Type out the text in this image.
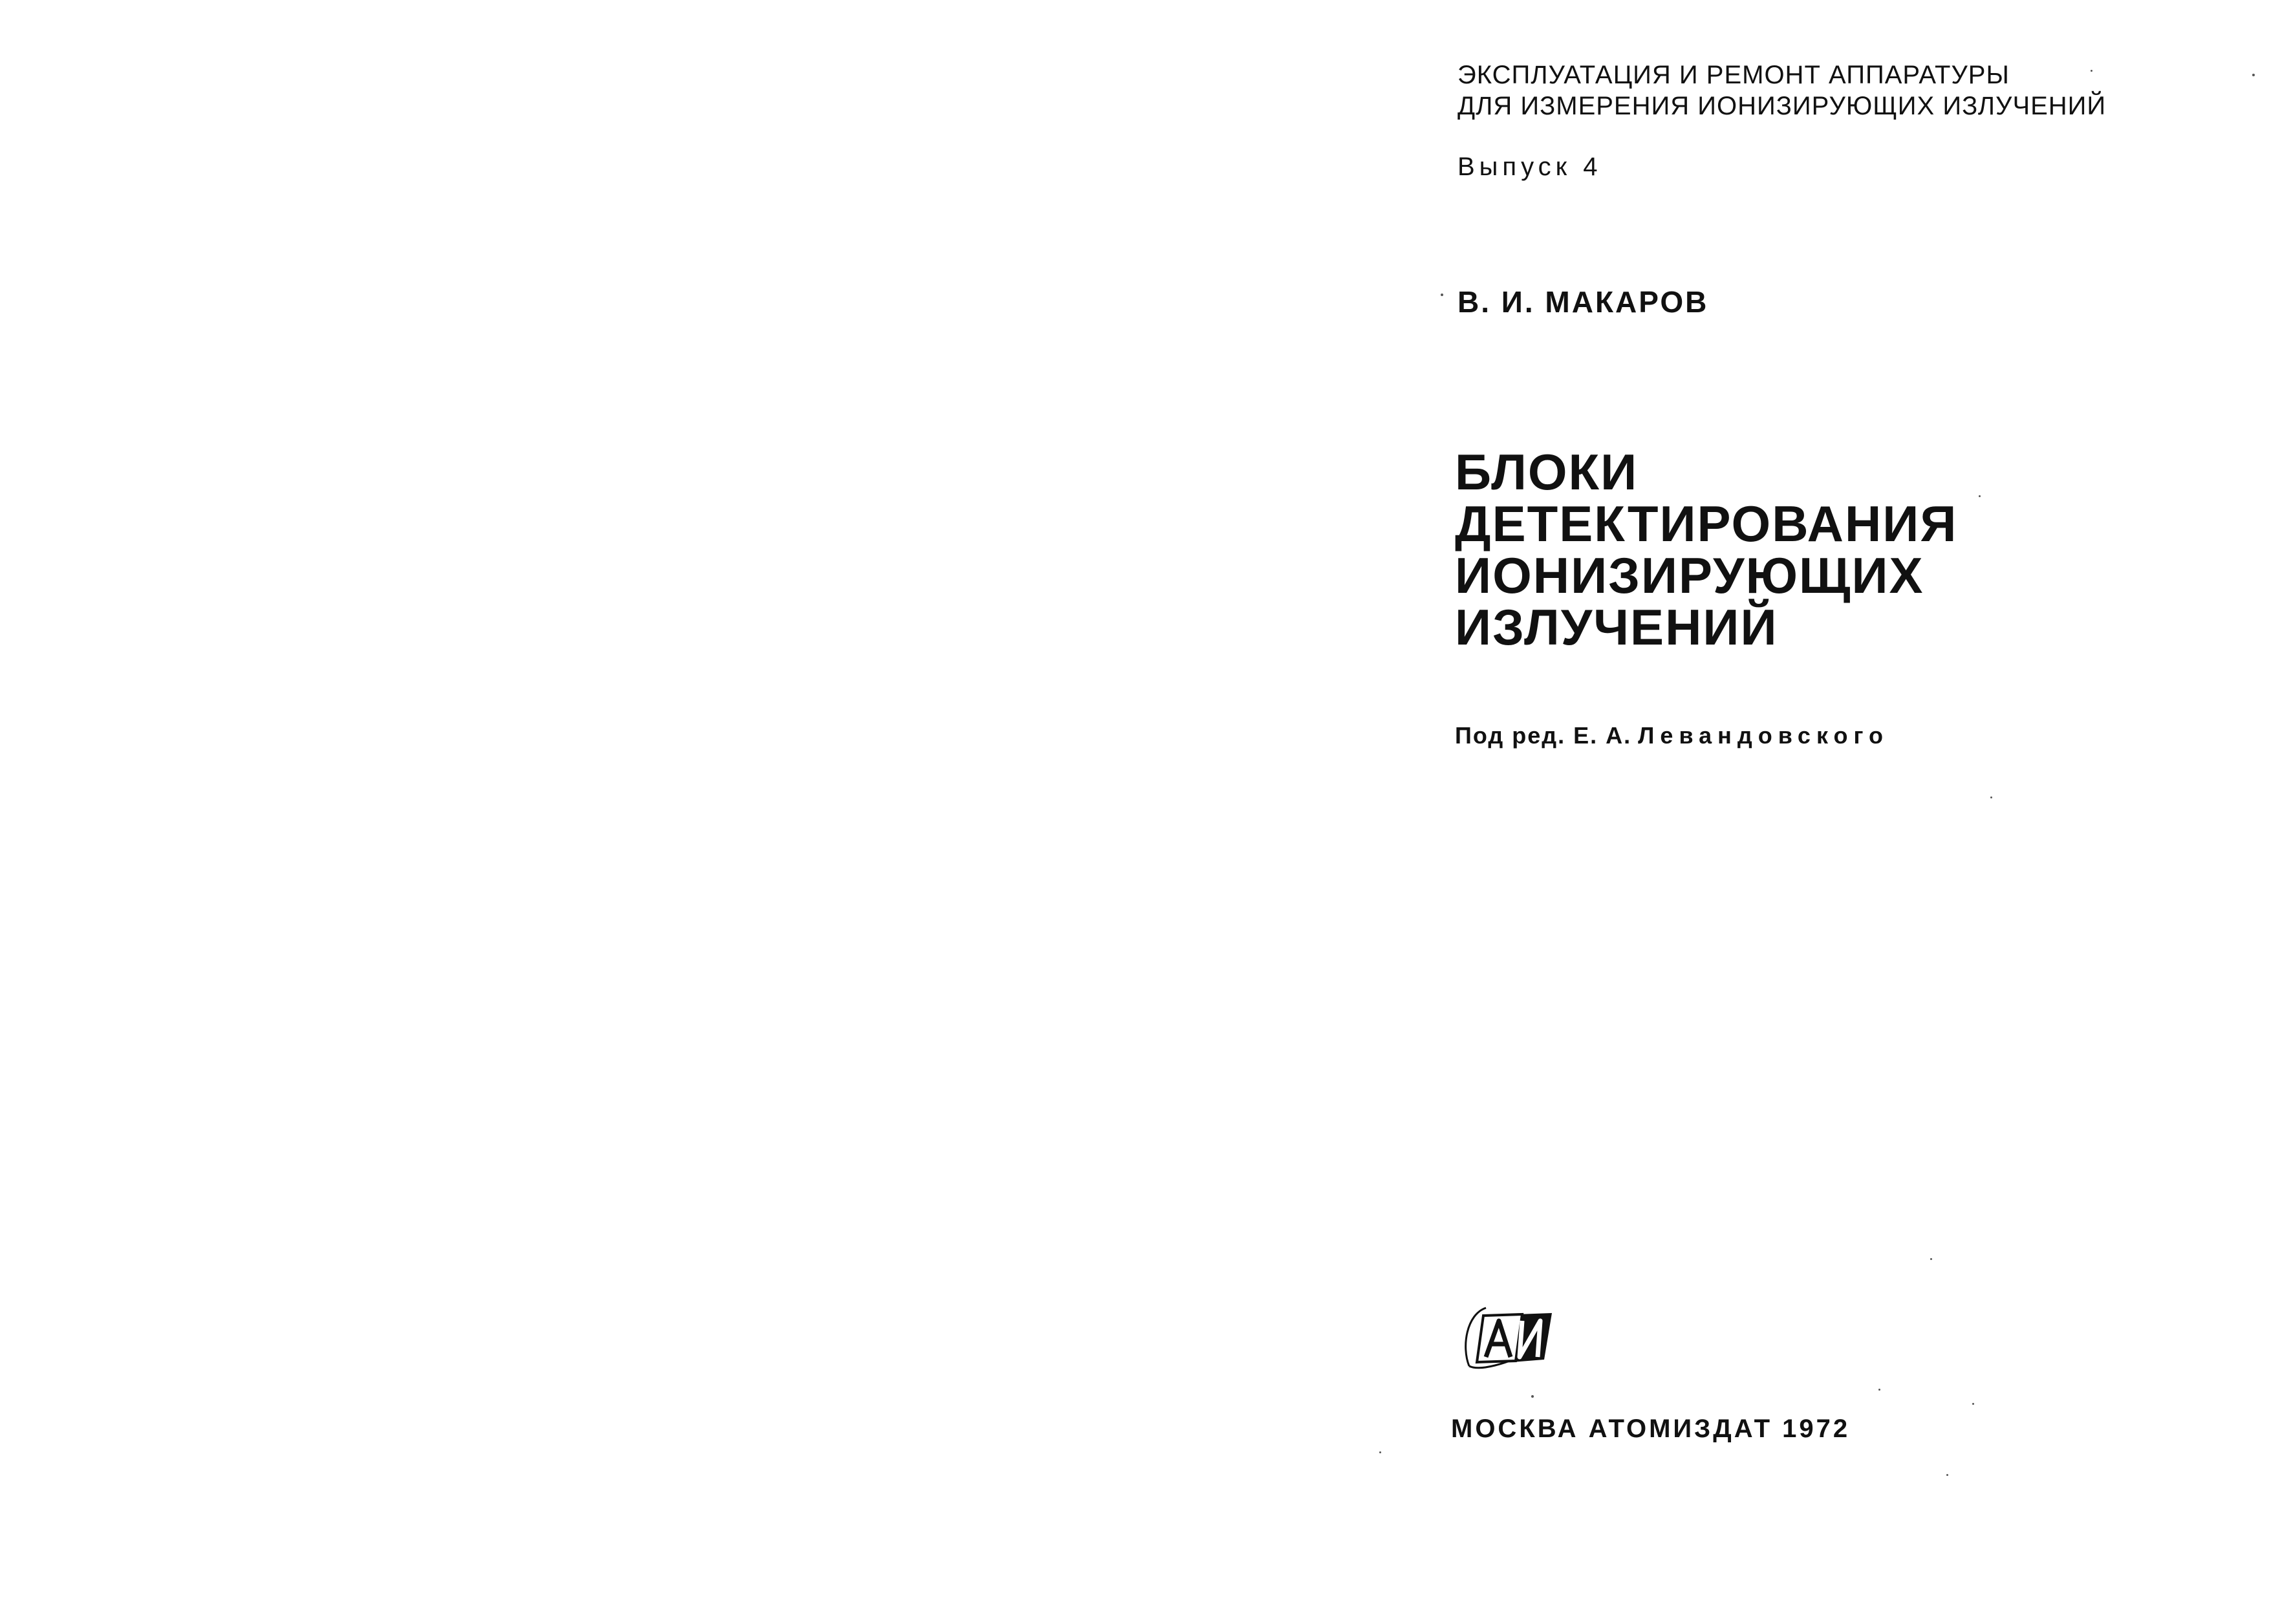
ЭКСПЛУАТАЦИЯ И РЕМОНТ АППАРАТУРЫ
ДЛЯ ИЗМЕРЕНИЯ ИОНИЗИРУЮЩИХ ИЗЛУЧЕНИЙ
Выпуск 4
В. И. МАКАРОВ
БЛОКИ
ДЕТЕКТИРОВАНИЯ
ИОНИЗИРУЮЩИХ
ИЗЛУЧЕНИЙ
Под ред. Е. А. Левандовского
МОСКВА АТОМИЗДАТ 1972
